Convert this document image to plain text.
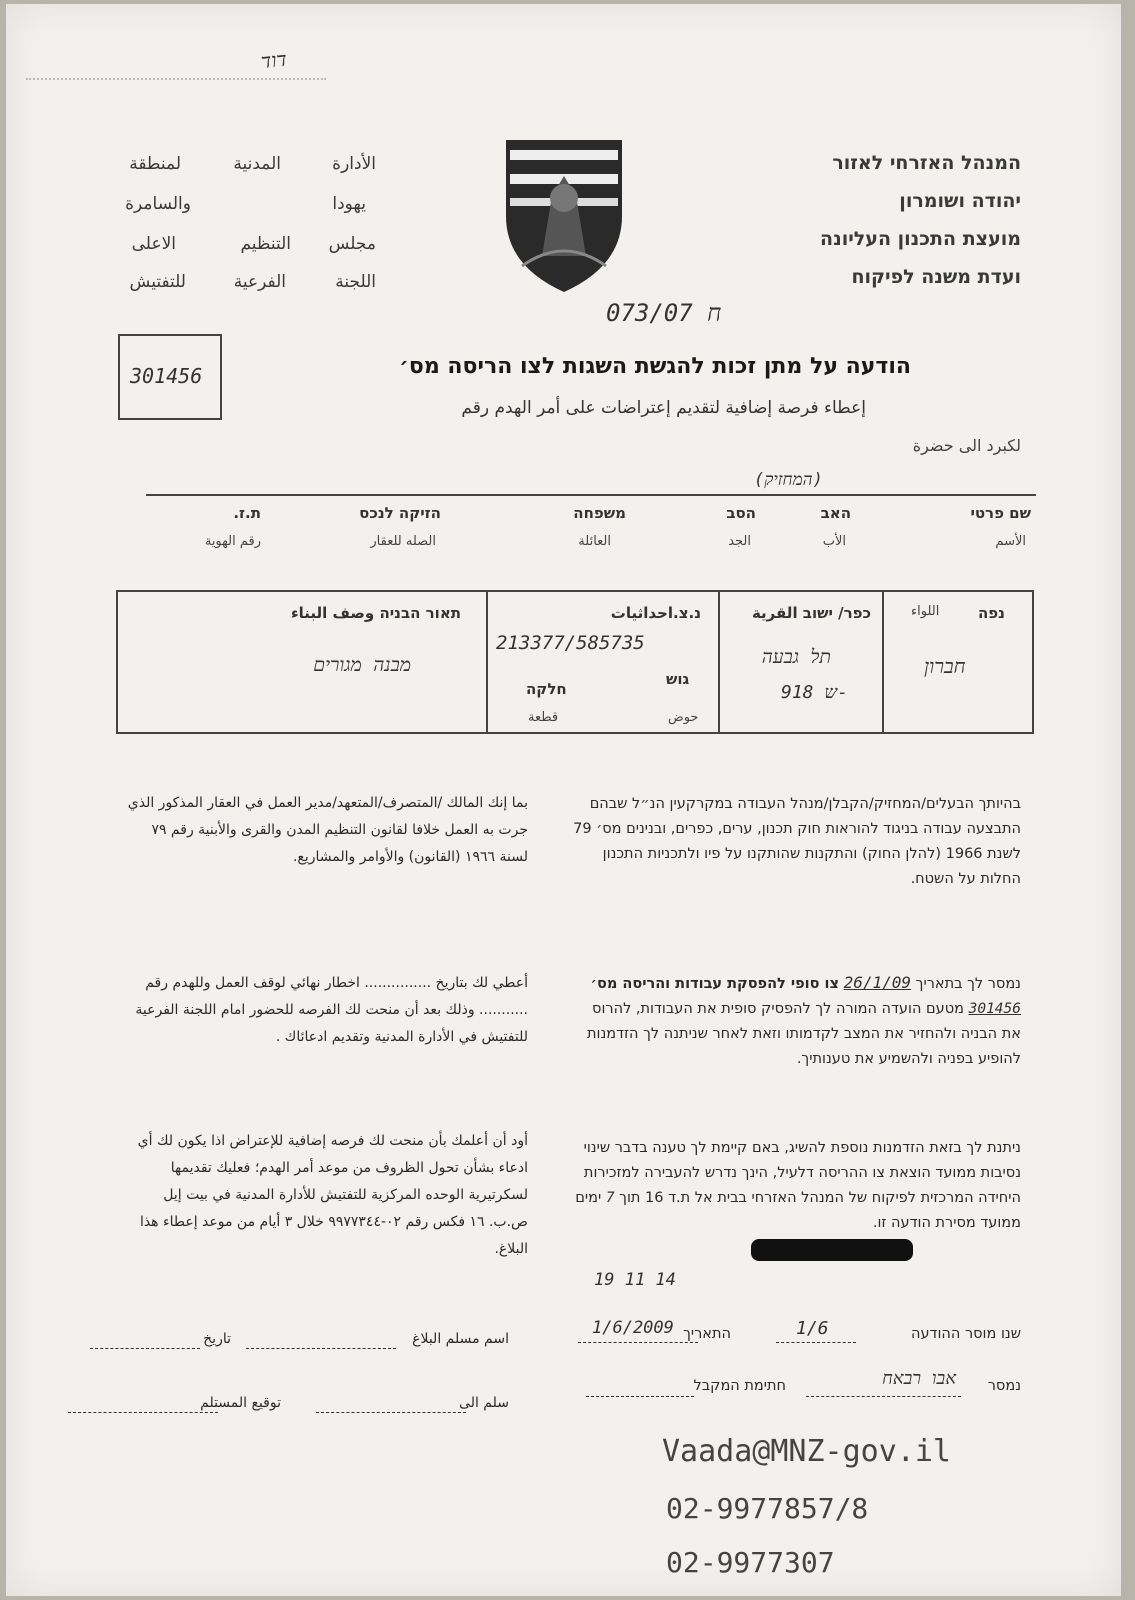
דוד
המנהל האזרחי לאזור
יהודה ושומרון
מועצת התכנון העליונה
ועדת משנה לפיקוח
الأدارة
المدنية
لمنطقة
يهودا
والسامرة
مجلس
التنظيم
الاعلى
اللجنة
الفرعية
للتفتيش
073/07 ח
301456	הודעה על מתן זכות להגשת השגות לצו הריסה מס׳
إعطاء فرصة إضافية لتقديم إعتراضات على أمر الهدم رقم
لكبرد الى حضرة
(המחזיק)
שם פרטי
الأسم
האב
الأب
הסב
الجد
משפחה
العائلة
הזיקה לנכס
الصله للعقار
ת.ז.
رقم الهوية
נפה
اللواء
חברון
כפר/ ישוב القرية
תל גבעה
918 ש-
נ.צ.احداثيات
213377/585735
גוש
حوض
חלקה
قطعة
תאור הבניה وصف البناء
מבנה מגורים
בהיותך הבעלים/המחזיק/הקבלן/מנהל העבודה במקרקעין הנ״ל שבהם התבצעה עבודה בניגוד להוראות חוק תכנון, ערים, כפרים, ובנינים מס׳ 79 לשנת 1966 (להלן החוק) והתקנות שהותקנו על פיו ולתכניות התכנון החלות על השטח.
נמסר לך בתאריך 26/1/09 צו סופי להפסקת עבודות והריסה מס׳ 301456 מטעם הועדה המורה לך להפסיק סופית את העבודות, להרוס את הבניה ולהחזיר את המצב לקדמותו וזאת לאחר שניתנה לך הזדמנות להופיע בפניה ולהשמיע את טענותיך.
ניתנת לך בזאת הזדמנות נוספת להשיג, באם קיימת לך טענה בדבר שינוי נסיבות ממועד הוצאת צו ההריסה דלעיל, הינך נדרש להעבירה למזכירות היחידה המרכזית לפיקוח של המנהל האזרחי בבית אל ת.ד 16 תוך 7 ימים ממועד מסירת הודעה זו.
19 11 14
שנו מוסר ההודעה
1/6
התאריך
1/6/2009
נמסר
אבו רבאח
חתימת המקבל
بما إنك المالك /المتصرف/المتعهد/مدير العمل في العقار المذكور الذي جرت به العمل خلافا لقانون التنظيم المدن والقرى والأبنية رقم ٧٩ لسنة ١٩٦٦ (القانون) والأوامر والمشاريع.
أعطي لك بتاريخ ............... اخطار نهائي لوقف العمل وللهدم رقم ........... وذلك بعد أن منحت لك الفرصه للحضور امام اللجنة الفرعية للتفتيش في الأدارة المدنية وتقديم ادعائاك .
أود أن أعلمك بأن منحت لك فرصه إضافية للإعتراض اذا يكون لك أي ادعاء بشأن تحول الظروف من موعد أمر الهدم؛ فعليك تقديمها لسكرتيرية الوحده المركزية للتفتيش للأدارة المدنية في بيت إيل ص.ب. ١٦ فكس رقم ٠٢-٩٩٧٧٣٤٤ خلال ٣ أيام من موعد إعطاء هذا البلاغ.
اسم مسلم البلاغ
تاريخ
سلم الى
توقيع المستلم
Vaada@MNZ-gov.il
02-9977857/8
02-9977307
